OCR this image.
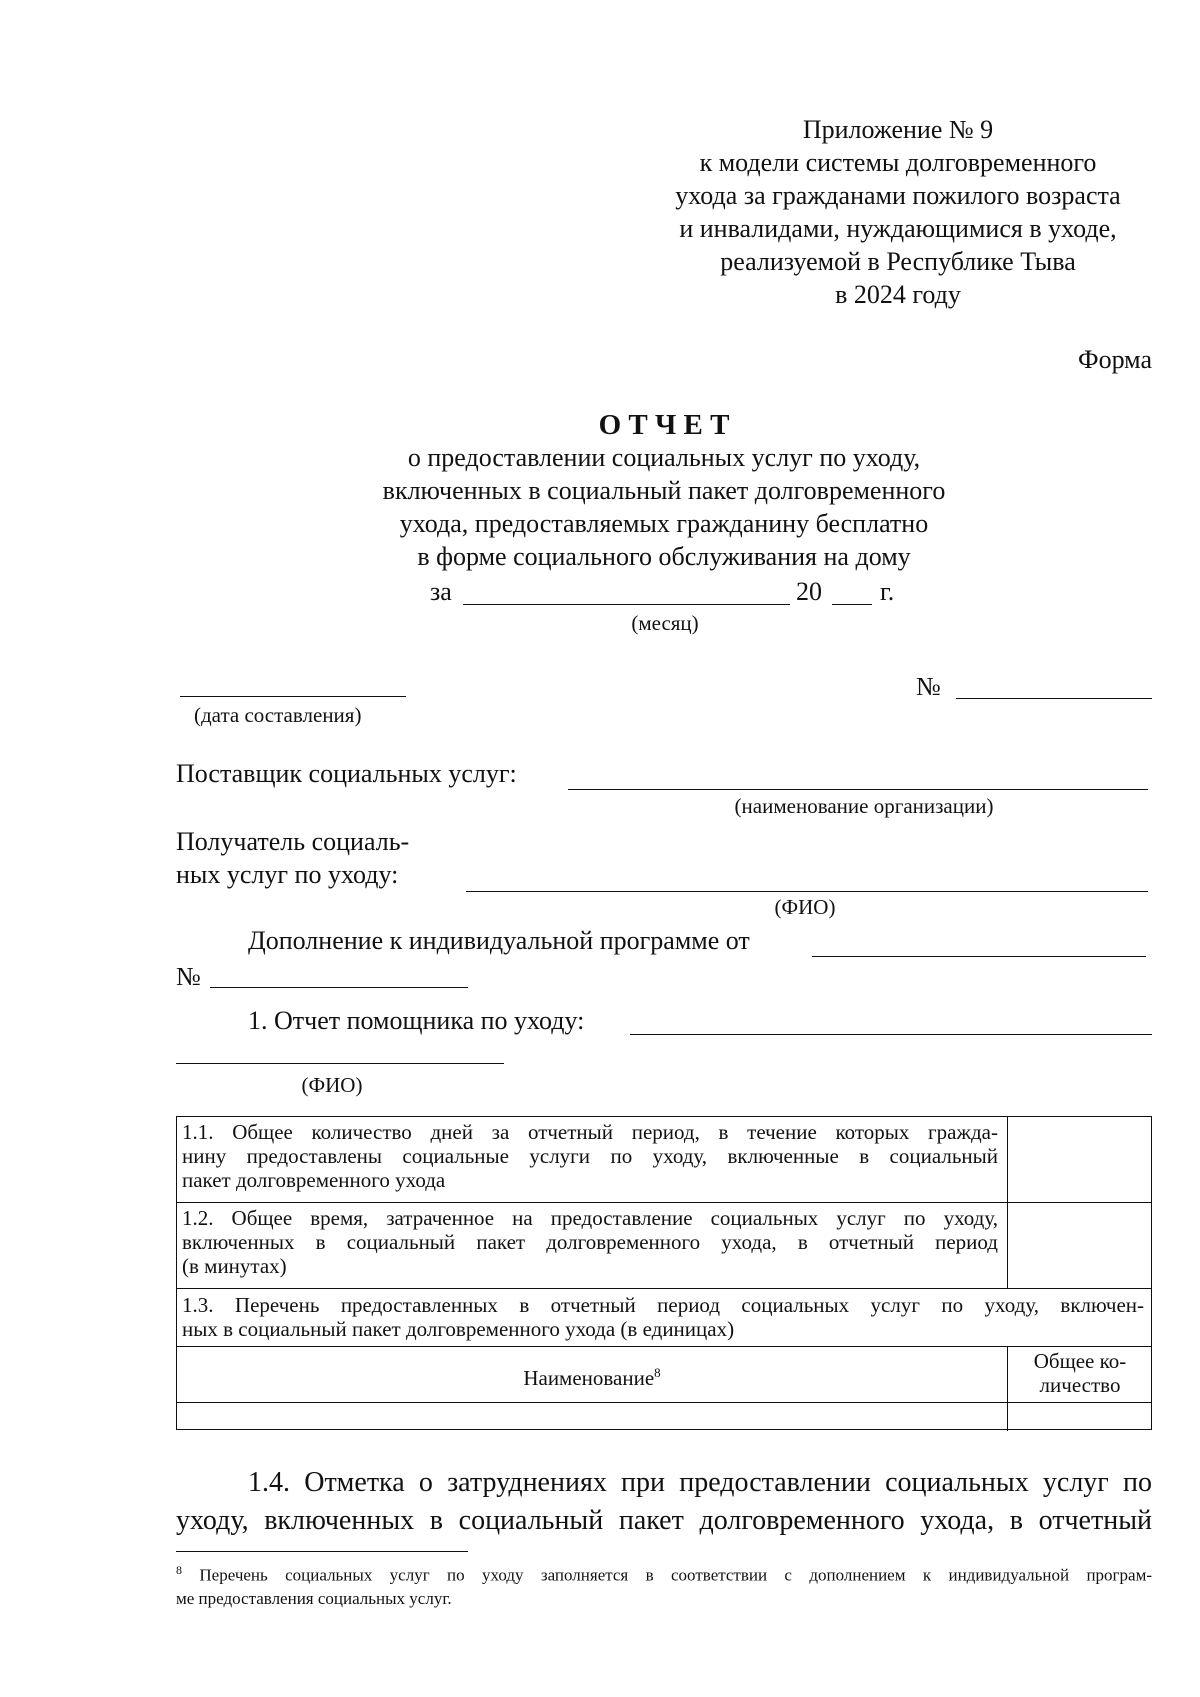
Приложение № 9
к модели системы долговременного
ухода за гражданами пожилого возраста
и инвалидами, нуждающимися в уходе,
реализуемой в Республике Тыва
в 2024 году
Форма
О Т Ч Е Т
о предоставлении социальных услуг по уходу,
включенных в социальный пакет долговременного
ухода, предоставляемых гражданину бесплатно
в форме социального обслуживания на дому
за	20 г.
(месяц)
(дата составления)
№
Поставщик социальных услуг:
(наименование организации)
Получатель социаль-
ных услуг по уходу:
(ФИО)
Дополнение к индивидуальной программе от
№
1. Отчет помощника по уходу:
(ФИО)
1.1. Общее количество дней за отчетный период, в течение которых гражда-
нину предоставлены социальные услуги по уходу, включенные в социальный
пакет долговременного ухода
1.2. Общее время, затраченное на предоставление социальных услуг по уходу,
включенных в социальный пакет долговременного ухода, в отчетный период
(в минутах)
1.3. Перечень предоставленных в отчетный период социальных услуг по уходу, включен-
ных в социальный пакет долговременного ухода (в единицах)
Наименование$^8$	Общее ко-
личество
1.4. Отметка о затруднениях при предоставлении социальных услуг по
уходу, включенных в социальный пакет долговременного ухода, в отчетный
$^8$ Перечень социальных услуг по уходу заполняется в соответствии с дополнением к индивидуальной програм-
ме предоставления социальных услуг.
